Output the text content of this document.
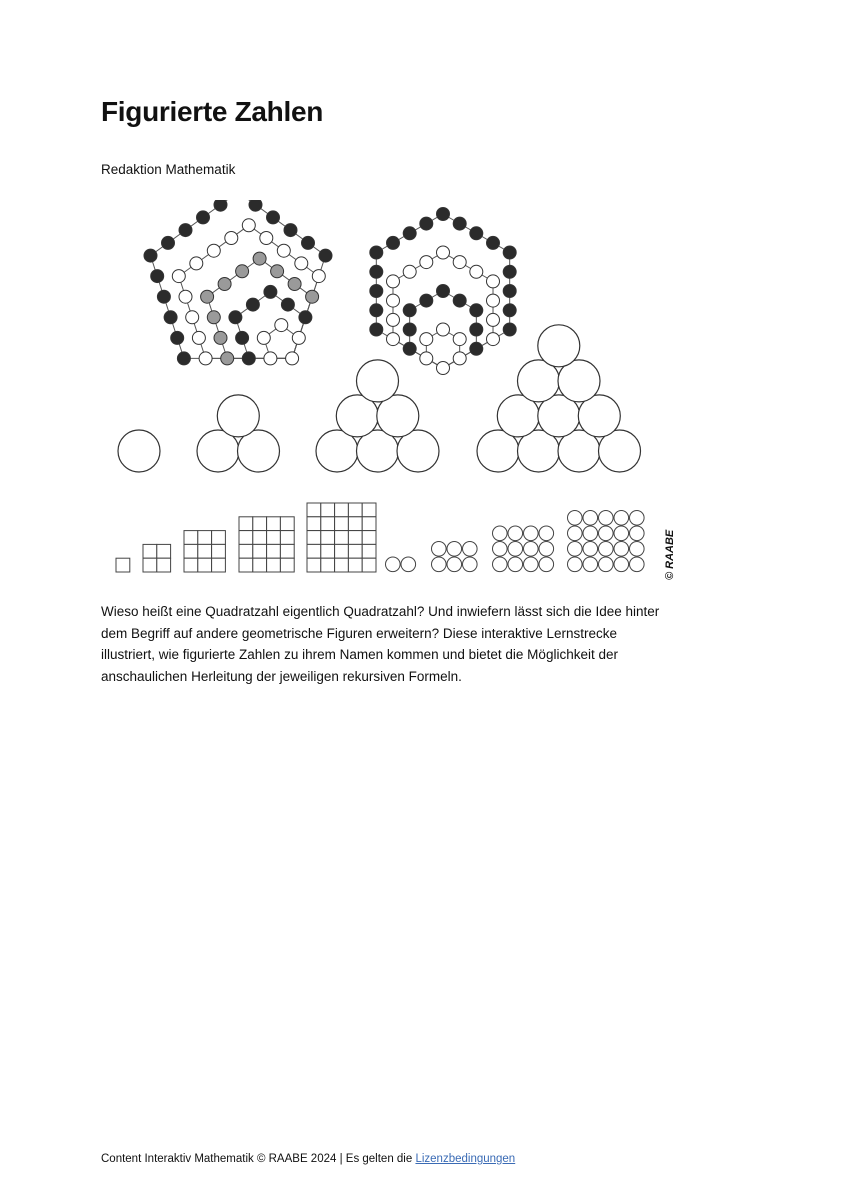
Figurierte Zahlen
Redaktion Mathematik
© RAABE

Wieso heißt eine Quadratzahl eigentlich Quadratzahl? Und inwiefern lässt sich die Idee hinter dem Begriff auf andere geometrische Figuren erweitern? Diese interaktive Lernstrecke illustriert, wie figurierte Zahlen zu ihrem Namen kommen und bietet die Möglichkeit der anschaulichen Herleitung der jeweiligen rekursiven Formeln.

Content Interaktiv Mathematik © RAABE 2024 | Es gelten die Lizenzbedingungen
